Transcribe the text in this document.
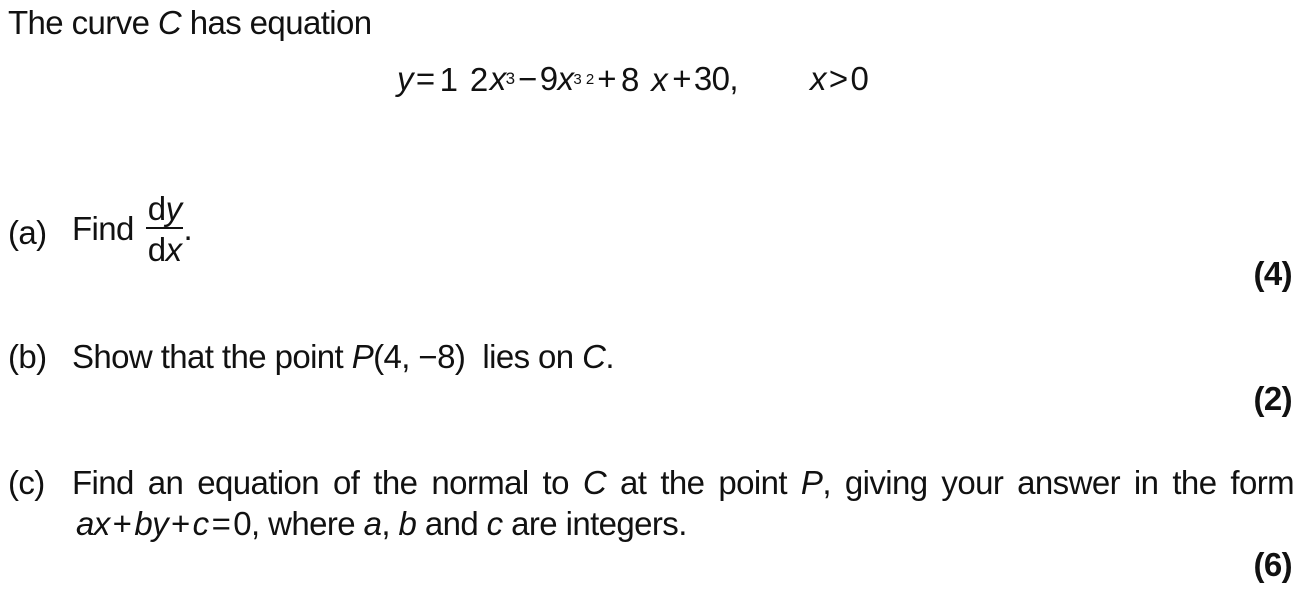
The curve C has equation
y = 1 2 x 3 − 9 x 3 2 + 8 x + 30, x > 0
(a) Find $\frac{dy}{dx}$ .
(4)
(b) Show that the point P(4, −8)  lies on C.
(2)
(c) Find an equation of the normal to C at the point P, giving your answer in the form
ax+by+c=0, where a, b and c are integers.
(6)
